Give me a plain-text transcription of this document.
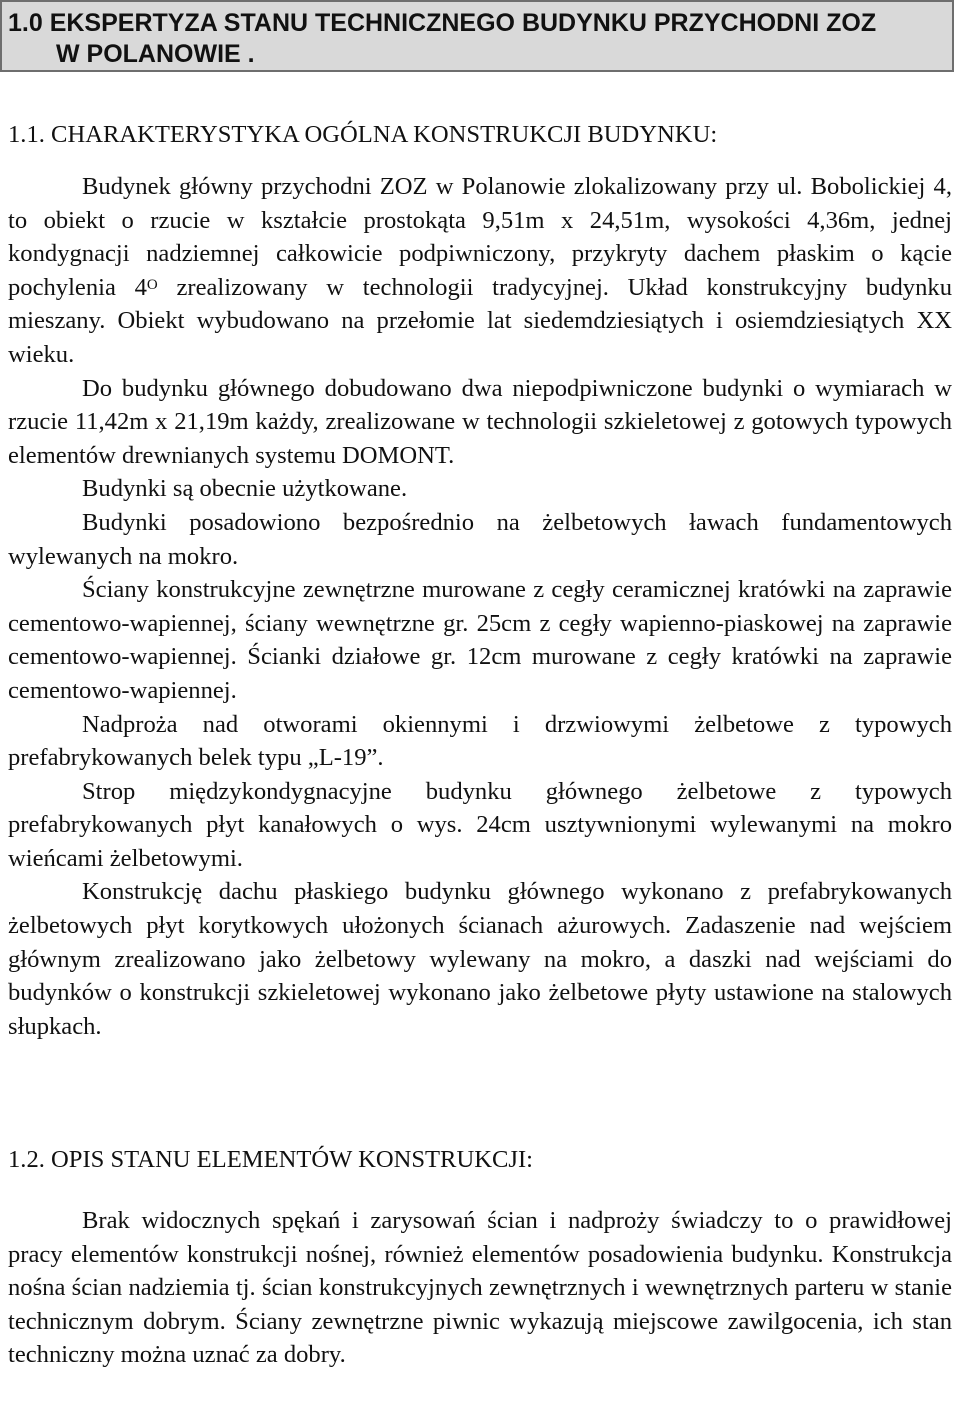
1.0 EKSPERTYZA STANU TECHNICZNEGO BUDYNKU PRZYCHODNI ZOZ
W POLANOWIE .
1.1. CHARAKTERYSTYKA OGÓLNA KONSTRUKCJI BUDYNKU:

Budynek główny przychodni ZOZ w Polanowie zlokalizowany przy ul. Bobolickiej 4, to obiekt o rzucie w kształcie prostokąta 9,51m x 24,51m, wysokości 4,36m, jednej kondygnacji nadziemnej całkowicie podpiwniczony, przykryty dachem płaskim o kącie pochylenia $4^O$ zrealizowany w technologii tradycyjnej. Układ konstrukcyjny budynku mieszany. Obiekt wybudowano na przełomie lat siedemdziesiątych i osiemdziesiątych XX wieku.

Do budynku głównego dobudowano dwa niepodpiwniczone budynki o wymiarach w rzucie 11,42m x 21,19m każdy, zrealizowane w technologii szkieletowej z gotowych typowych elementów drewnianych systemu DOMONT.

Budynki są obecnie użytkowane.

Budynki posadowiono bezpośrednio na żelbetowych ławach fundamentowych wylewanych na mokro.

Ściany konstrukcyjne zewnętrzne murowane z cegły ceramicznej kratówki na zaprawie cementowo-wapiennej, ściany wewnętrzne gr. 25cm z cegły wapienno-piaskowej na zaprawie cementowo-wapiennej. Ścianki działowe gr. 12cm murowane z cegły kratówki na zaprawie cementowo-wapiennej.

Nadproża nad otworami okiennymi i drzwiowymi żelbetowe z typowych prefabrykowanych belek typu „L-19”.

Strop międzykondygnacyjne budynku głównego żelbetowe z typowych prefabrykowanych płyt kanałowych o wys. 24cm usztywnionymi wylewanymi na mokro wieńcami żelbetowymi.

Konstrukcję dachu płaskiego budynku głównego wykonano z prefabrykowanych żelbetowych płyt korytkowych ułożonych ścianach ażurowych. Zadaszenie nad wejściem głównym zrealizowano jako żelbetowy wylewany na mokro, a daszki nad wejściami do budynków o konstrukcji szkieletowej wykonano jako żelbetowe płyty ustawione na stalowych słupkach.

1.2. OPIS STANU ELEMENTÓW KONSTRUKCJI:

Brak widocznych spękań i zarysowań ścian i nadproży świadczy to o prawidłowej pracy elementów konstrukcji nośnej, również elementów posadowienia budynku. Konstrukcja nośna ścian nadziemia tj. ścian konstrukcyjnych zewnętrznych i wewnętrznych parteru w stanie technicznym dobrym. Ściany zewnętrzne piwnic wykazują miejscowe zawilgocenia, ich stan techniczny można uznać za dobry.
